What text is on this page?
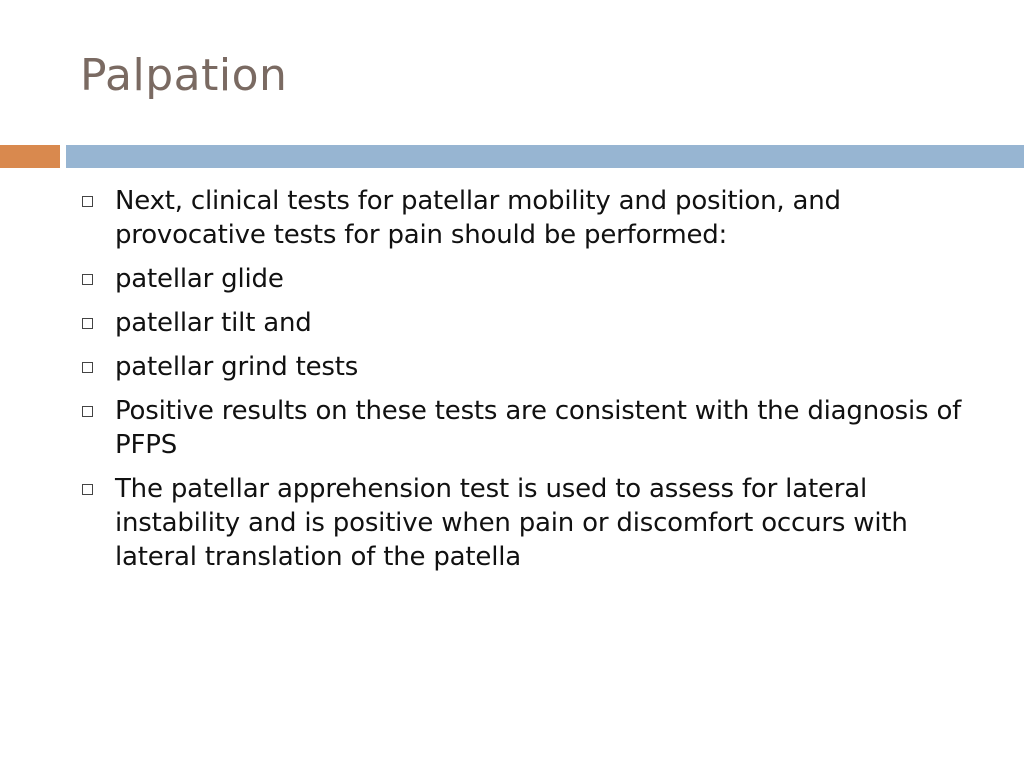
Palpation
Next, clinical tests for patellar mobility and position, and provocative tests for pain should be performed:
patellar glide
patellar tilt and
patellar grind tests
Positive results on these tests are consistent with the diagnosis of PFPS
The patellar apprehension test is used to assess for lateral instability and is positive when pain or discomfort occurs with lateral translation of the patella
